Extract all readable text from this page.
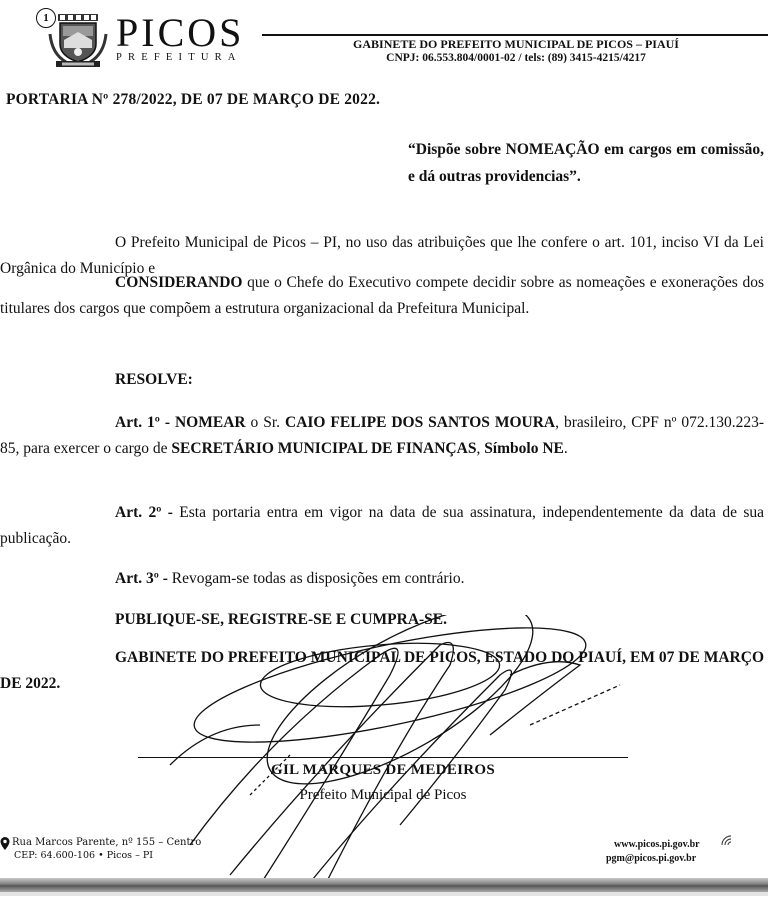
1 PICOS
PREFEITURA
GABINETE DO PREFEITO MUNICIPAL DE PICOS – PIAUÍ
CNPJ: 06.553.804/0001-02 / tels: (89) 3415-4215/4217
PORTARIA Nº 278/2022, DE 07 DE MARÇO DE 2022.
“Dispõe sobre NOMEAÇÃO em cargos em comissão, e dá outras providencias”.
O Prefeito Municipal de Picos – PI, no uso das atribuições que lhe confere o art. 101, inciso VI da Lei Orgânica do Município e
CONSIDERANDO que o Chefe do Executivo compete decidir sobre as nomeações e exonerações dos titulares dos cargos que compõem a estrutura organizacional da Prefeitura Municipal.
RESOLVE:
Art. 1º - NOMEAR o Sr. CAIO FELIPE DOS SANTOS MOURA, brasileiro, CPF nº 072.130.223-85, para exercer o cargo de SECRETÁRIO MUNICIPAL DE FINANÇAS, Símbolo NE.
Art. 2º - Esta portaria entra em vigor na data de sua assinatura, independentemente da data de sua publicação.
Art. 3º - Revogam-se todas as disposições em contrário.
PUBLIQUE-SE, REGISTRE-SE E CUMPRA-SE.
GABINETE DO PREFEITO MUNICIPAL DE PICOS, ESTADO DO PIAUÍ, EM 07 DE MARÇO DE 2022.
GIL MARQUES DE MEDEIROS
Prefeito Municipal de Picos
Rua Marcos Parente, nº 155 – Centro
CEP: 64.600-106 • Picos – PI
www.picos.pi.gov.br
pgm@picos.pi.gov.br
